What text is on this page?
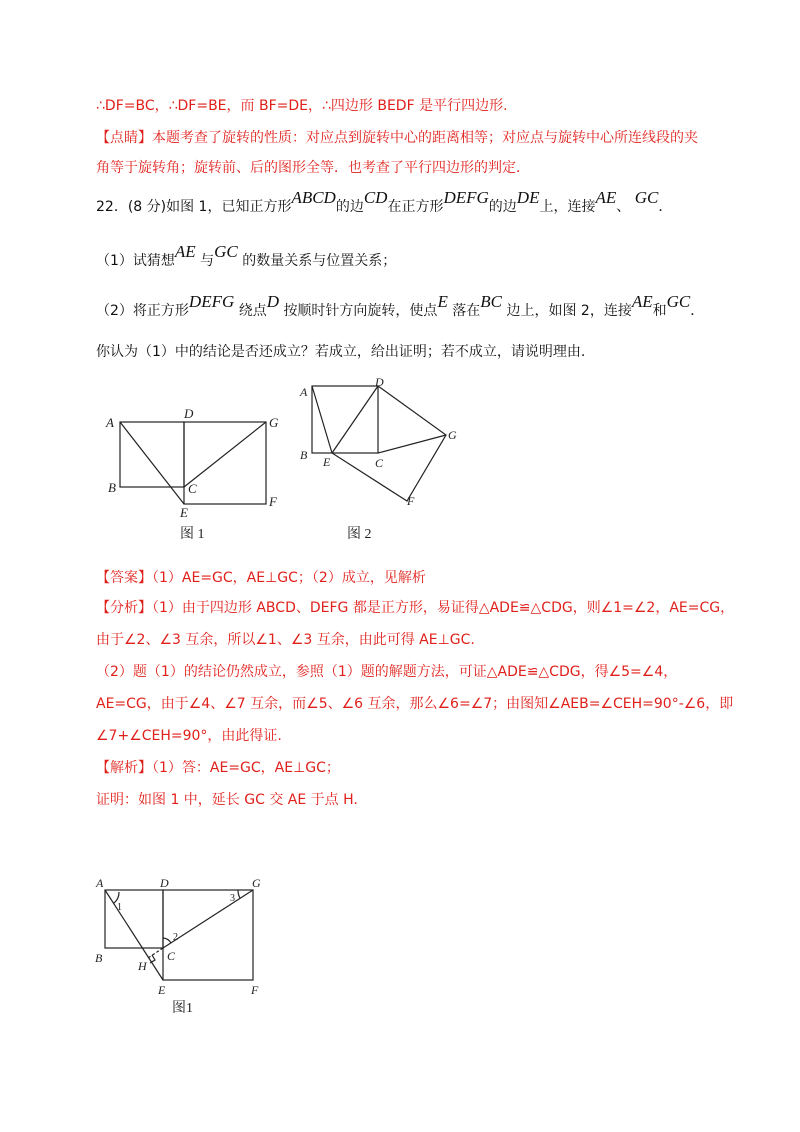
∴DF=BC，∴DF=BE，而 BF=DE，∴四边形 BEDF 是平行四边形.
【点睛】本题考查了旋转的性质：对应点到旋转中心的距离相等；对应点与旋转中心所连线段的夹
角等于旋转角；旋转前、后的图形全等．也考查了平行四边形的判定．
22．(8 分)如图 1，已知正方形ABCD的边CD在正方形DEFG的边DE上，连接AE、 GC．
（1）试猜想AE 与GC 的数量关系与位置关系；
（2）将正方形DEFG 绕点D 按顺时针方向旋转，使点E 落在BC 边上，如图 2，连接AE和GC．
你认为（1）中的结论是否还成立？若成立，给出证明；若不成立，请说明理由.
A
D
G
B	C
E
F
图 1
A
D
G
B E	C
F
图 2
【答案】（1）AE=GC，AE⊥GC；（2）成立，见解析
【分析】（1）由于四边形 ABCD、DEFG 都是正方形，易证得△ADE≌△CDG，则∠1=∠2，AE=CG，
由于∠2、∠3 互余，所以∠1、∠3 互余，由此可得 AE⊥GC.
（2）题（1）的结论仍然成立，参照（1）题的解题方法，可证△ADE≌△CDG，得∠5=∠4，
AE=CG，由于∠4、∠7 互余，而∠5、∠6 互余，那么∠6=∠7；由图知∠AEB=∠CEH=90°-∠6，即
∠7+∠CEH=90°，由此得证.
【解析】（1）答：AE=GC，AE⊥GC；
证明：如图 1 中，延长 GC 交 AE 于点 H.
A	D	G
B	C
H
E	F
1
2
3
图1
